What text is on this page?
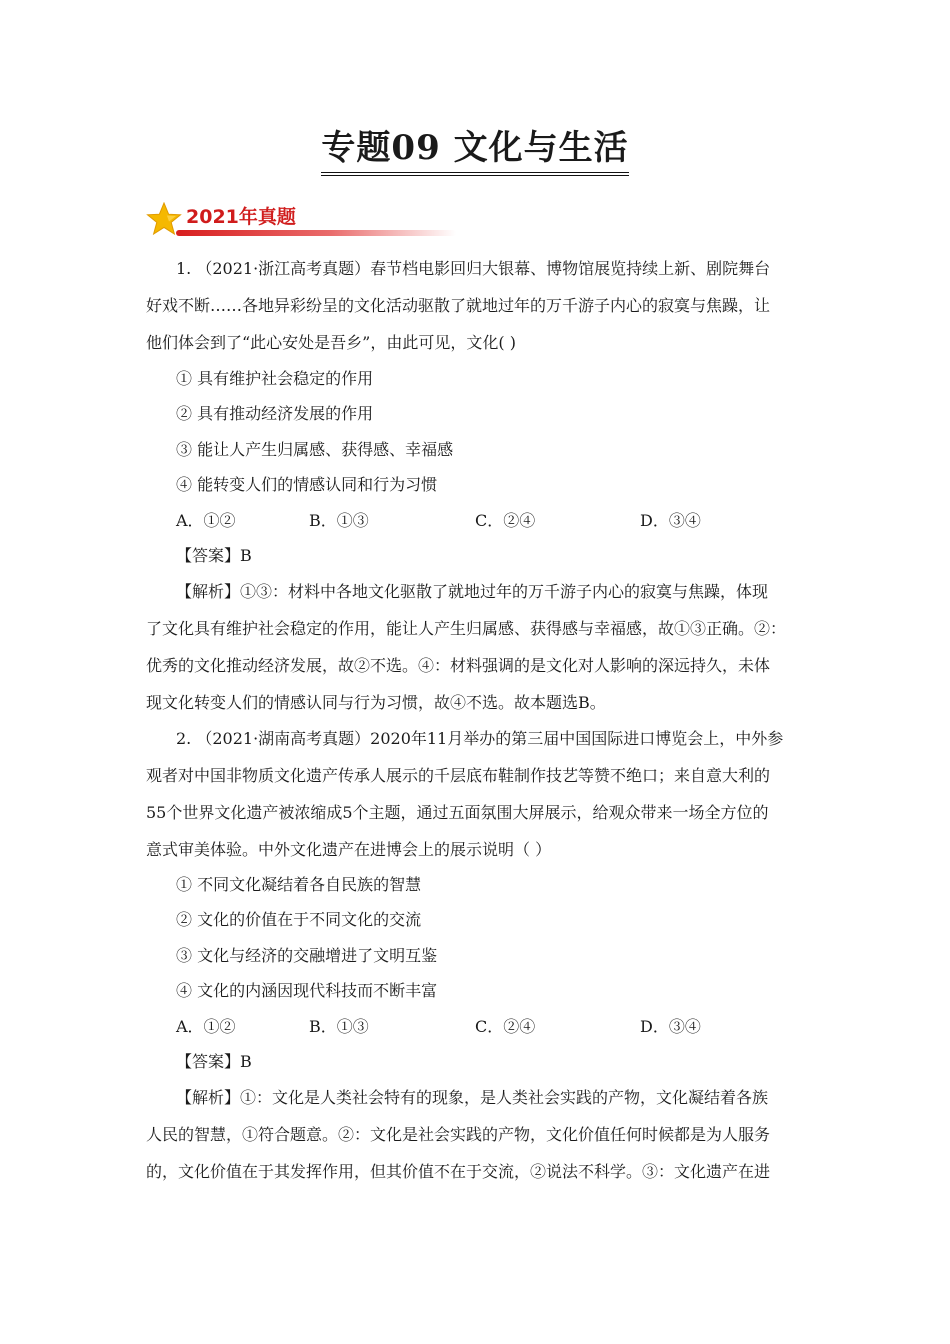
专题09 文化与生活
2021年真题
1. （2021·浙江高考真题）春节档电影回归大银幕、博物馆展览持续上新、剧院舞台
好戏不断……各地异彩纷呈的文化活动驱散了就地过年的万千游子内心的寂寞与焦躁，让
他们体会到了“此心安处是吾乡”，由此可见，文化( )
① 具有维护社会稳定的作用
② 具有推动经济发展的作用
③ 能让人产生归属感、获得感、幸福感
④ 能转变人们的情感认同和行为习惯
A．①②	B．①③	C．②④	D．③④
【答案】B
【解析】①③：材料中各地文化驱散了就地过年的万千游子内心的寂寞与焦躁，体现
了文化具有维护社会稳定的作用，能让人产生归属感、获得感与幸福感，故①③正确。②：
优秀的文化推动经济发展，故②不选。④：材料强调的是文化对人影响的深远持久，未体
现文化转变人们的情感认同与行为习惯，故④不选。故本题选B。
2. （2021·湖南高考真题）2020年11月举办的第三届中国国际进口博览会上，中外参
观者对中国非物质文化遗产传承人展示的千层底布鞋制作技艺等赞不绝口；来自意大利的
55个世界文化遗产被浓缩成5个主题，通过五面氛围大屏展示，给观众带来一场全方位的
意式审美体验。中外文化遗产在进博会上的展示说明（ ）
① 不同文化凝结着各自民族的智慧
② 文化的价值在于不同文化的交流
③ 文化与经济的交融增进了文明互鉴
④ 文化的内涵因现代科技而不断丰富
A．①②	B．①③	C．②④	D．③④
【答案】B
【解析】①：文化是人类社会特有的现象，是人类社会实践的产物，文化凝结着各族
人民的智慧，①符合题意。②：文化是社会实践的产物，文化价值任何时候都是为人服务
的，文化价值在于其发挥作用，但其价值不在于交流，②说法不科学。③：文化遗产在进
